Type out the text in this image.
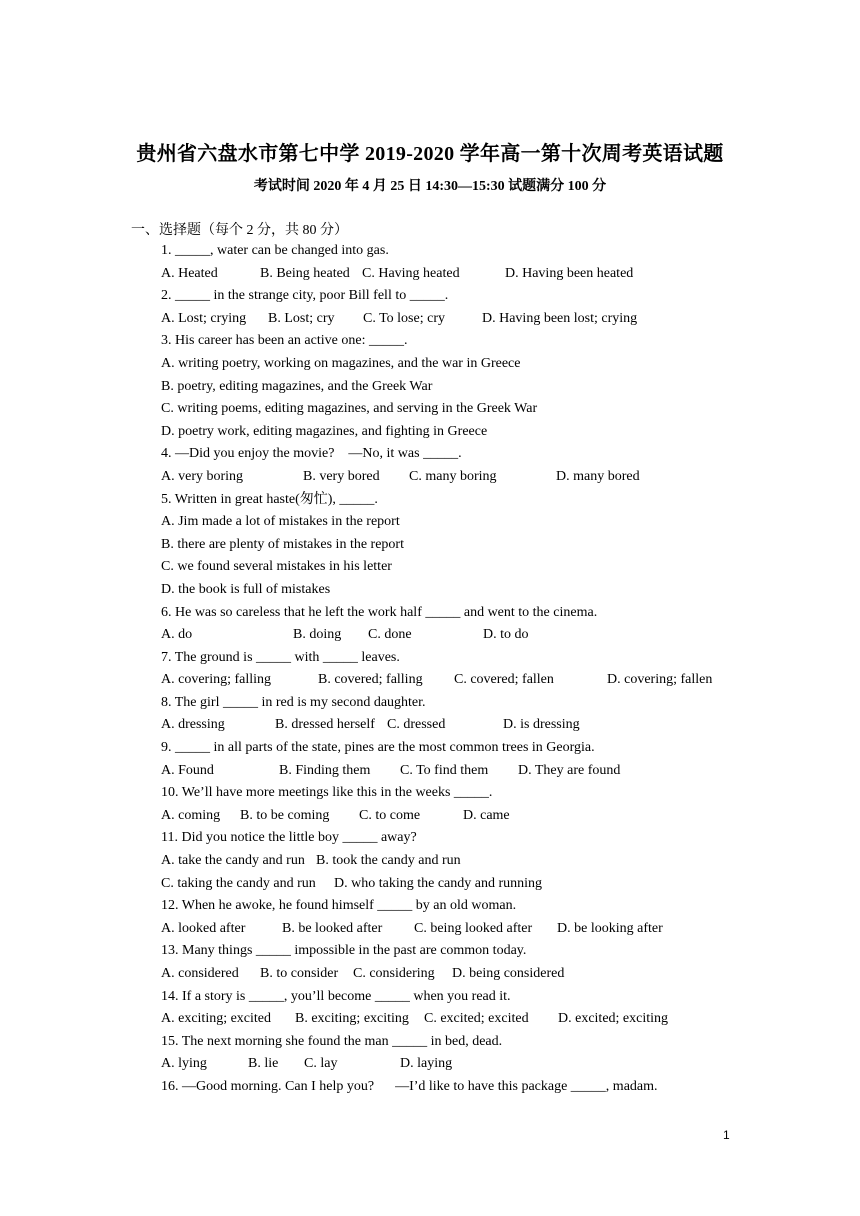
贵州省六盘水市第七中学 2019-2020 学年高一第十次周考英语试题
考试时间 2020 年 4 月 25 日 14:30—15:30 试题满分 100 分
一、选择题（每个 2 分，共 80 分）
1. _____, water can be changed into gas.
A. Heated	B. Being heated C. Having heated	D. Having been heated
2. _____ in the strange city, poor Bill fell to _____.
A. Lost; crying	B. Lost; cry	C. To lose; cry	D. Having been lost; crying
3. His career has been an active one: _____.
A. writing poetry, working on magazines, and the war in Greece
B. poetry, editing magazines, and the Greek War
C. writing poems, editing magazines, and serving in the Greek War
D. poetry work, editing magazines, and fighting in Greece
4. —Did you enjoy the movie?    —No, it was _____.
A. very boring	B. very bored	C. many boring	D. many bored
5. Written in great haste(匆忙), _____.
A. Jim made a lot of mistakes in the report
B. there are plenty of mistakes in the report
C. we found several mistakes in his letter
D. the book is full of mistakes
6. He was so careless that he left the work half _____ and went to the cinema.
A. do	B. doing	C. done	D. to do
7. The ground is _____ with _____ leaves.
A. covering; falling	B. covered; falling	C. covered; fallen	D. covering; fallen
8. The girl _____ in red is my second daughter.
A. dressing	B. dressed herself C. dressed	D. is dressing
9. _____ in all parts of the state, pines are the most common trees in Georgia.
A. Found	B. Finding them	C. To find them	D. They are found
10. We’ll have more meetings like this in the weeks _____.
A. coming	B. to be coming	C. to come	D. came
11. Did you notice the little boy _____ away?
A. take the candy and run B. took the candy and run
C. taking the candy and run	D. who taking the candy and running
12. When he awoke, he found himself _____ by an old woman.
A. looked after	B. be looked after	C. being looked after	D. be looking after
13. Many things _____ impossible in the past are common today.
A. considered	B. to consider	C. considering	D. being considered
14. If a story is _____, you’ll become _____ when you read it.
A. exciting; excited	B. exciting; exciting	C. excited; excited	D. excited; exciting
15. The next morning she found the man _____ in bed, dead.
A. lying	B. lie	C. lay	D. laying
16. —Good morning. Can I help you?      —I’d like to have this package _____, madam.
1
